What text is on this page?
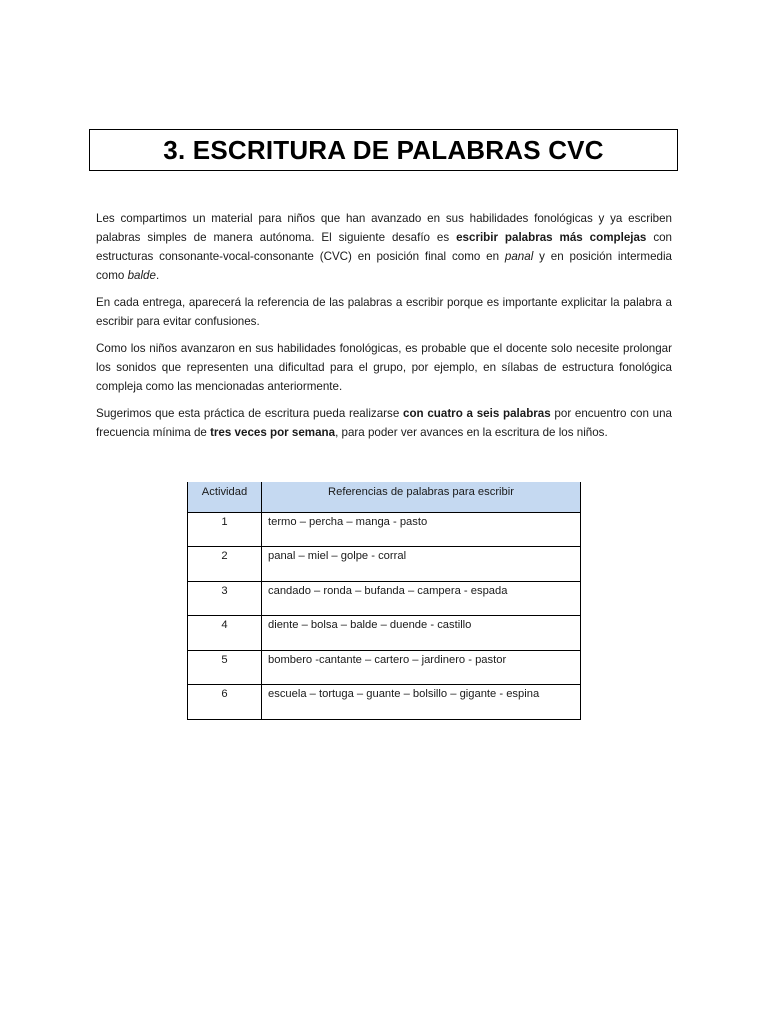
3. ESCRITURA DE PALABRAS CVC

Les compartimos un material para niños que han avanzado en sus habilidades fonológicas y ya escriben palabras simples de manera autónoma. El siguiente desafío es escribir palabras más complejas con estructuras consonante-vocal-consonante (CVC) en posición final como en panal y en posición intermedia como balde.

En cada entrega, aparecerá la referencia de las palabras a escribir porque es importante explicitar la palabra a escribir para evitar confusiones.

Como los niños avanzaron en sus habilidades fonológicas, es probable que el docente solo necesite prolongar los sonidos que representen una dificultad para el grupo, por ejemplo, en sílabas de estructura fonológica compleja como las mencionadas anteriormente.

Sugerimos que esta práctica de escritura pueda realizarse con cuatro a seis palabras por encuentro con una frecuencia mínima de tres veces por semana, para poder ver avances en la escritura de los niños.

Actividad	Referencias de palabras para escribir
1	termo – percha – manga - pasto
2	panal – miel – golpe - corral
3	candado – ronda – bufanda – campera - espada
4	diente – bolsa – balde – duende - castillo
5	bombero -cantante – cartero – jardinero - pastor
6	escuela – tortuga – guante – bolsillo – gigante - espina
